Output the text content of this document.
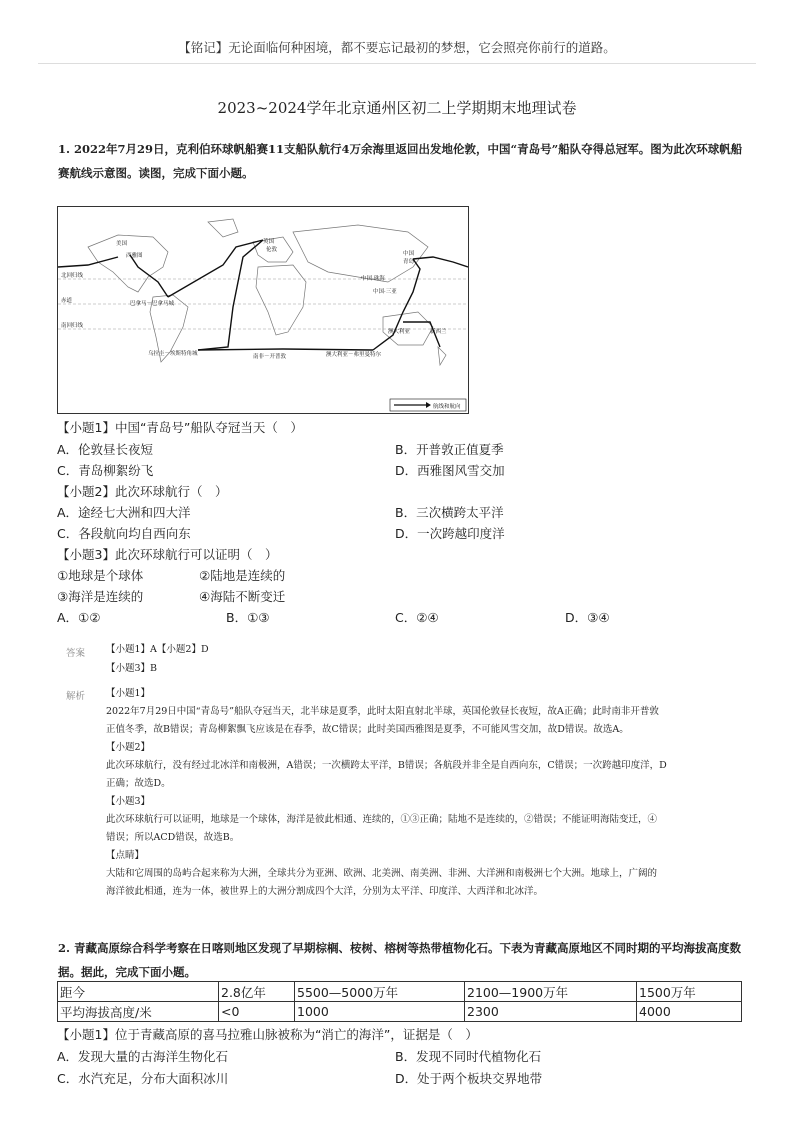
【铭记】无论面临何种困境，都不要忘记最初的梦想，它会照亮你前行的道路。
2023~2024学年北京通州区初二上学期期末地理试卷
1. 2022年7月29日，克利伯环球帆船赛11支船队航行4万余海里返回出发地伦敦，中国“青岛号”船队夺得总冠军。图为此次环球帆船赛航线示意图。读图，完成下面小题。
美国
西雅图
英国
伦敦
中国
青岛
中国·珠海
中国·三亚
北回归线
赤道
南回归线
巴拿马－巴拿马城
乌拉圭－埃斯特角城	南非－开普敦	澳大利亚－弗里曼特尔
澳大利亚	新西兰
航线和航向
【小题1】中国“青岛号”船队夺冠当天（　）
A．伦敦昼长夜短	B．开普敦正值夏季
C．青岛柳絮纷飞	D．西雅图风雪交加
【小题2】此次环球航行（　）
A．途经七大洲和四大洋	B．三次横跨太平洋
C．各段航向均自西向东	D．一次跨越印度洋
【小题3】此次环球航行可以证明（　）
①地球是个球体	②陆地是连续的
③海洋是连续的	④海陆不断变迁
A．①②	B．①③	C．②④	D．③④
答案 【小题1】A【小题2】D
【小题3】B
解析 【小题1】
2022年7月29日中国“青岛号”船队夺冠当天，北半球是夏季，此时太阳直射北半球，英国伦敦昼长夜短，故A正确；此时南非开普敦
正值冬季，故B错误；青岛柳絮飘飞应该是在春季，故C错误；此时美国西雅图是夏季，不可能风雪交加，故D错误。故选A。
【小题2】
此次环球航行，没有经过北冰洋和南极洲，A错误；一次横跨太平洋，B错误；各航段并非全是自西向东，C错误；一次跨越印度洋，D
正确；故选D。
【小题3】
此次环球航行可以证明，地球是一个球体，海洋是彼此相通、连续的，①③正确；陆地不是连续的，②错误；不能证明海陆变迁，④
错误；所以ACD错误，故选B。
【点睛】
大陆和它周围的岛屿合起来称为大洲，全球共分为亚洲、欧洲、北美洲、南美洲、非洲、大洋洲和南极洲七个大洲。地球上，广阔的
海洋彼此相通，连为一体，被世界上的大洲分割成四个大洋，分别为太平洋、印度洋、大西洋和北冰洋。
2. 青藏高原综合科学考察在日喀则地区发现了早期棕榈、桉树、榕树等热带植物化石。下表为青藏高原地区不同时期的平均海拔高度数据。据此，完成下面小题。
距今	2.8亿年	5500—5000万年	2100—1900万年	1500万年
平均海拔高度/米	<0	1000	2300	4000
【小题1】位于青藏高原的喜马拉雅山脉被称为“消亡的海洋”，证据是（　）
A．发现大量的古海洋生物化石	B．发现不同时代植物化石
C．水汽充足，分布大面积冰川	D．处于两个板块交界地带
